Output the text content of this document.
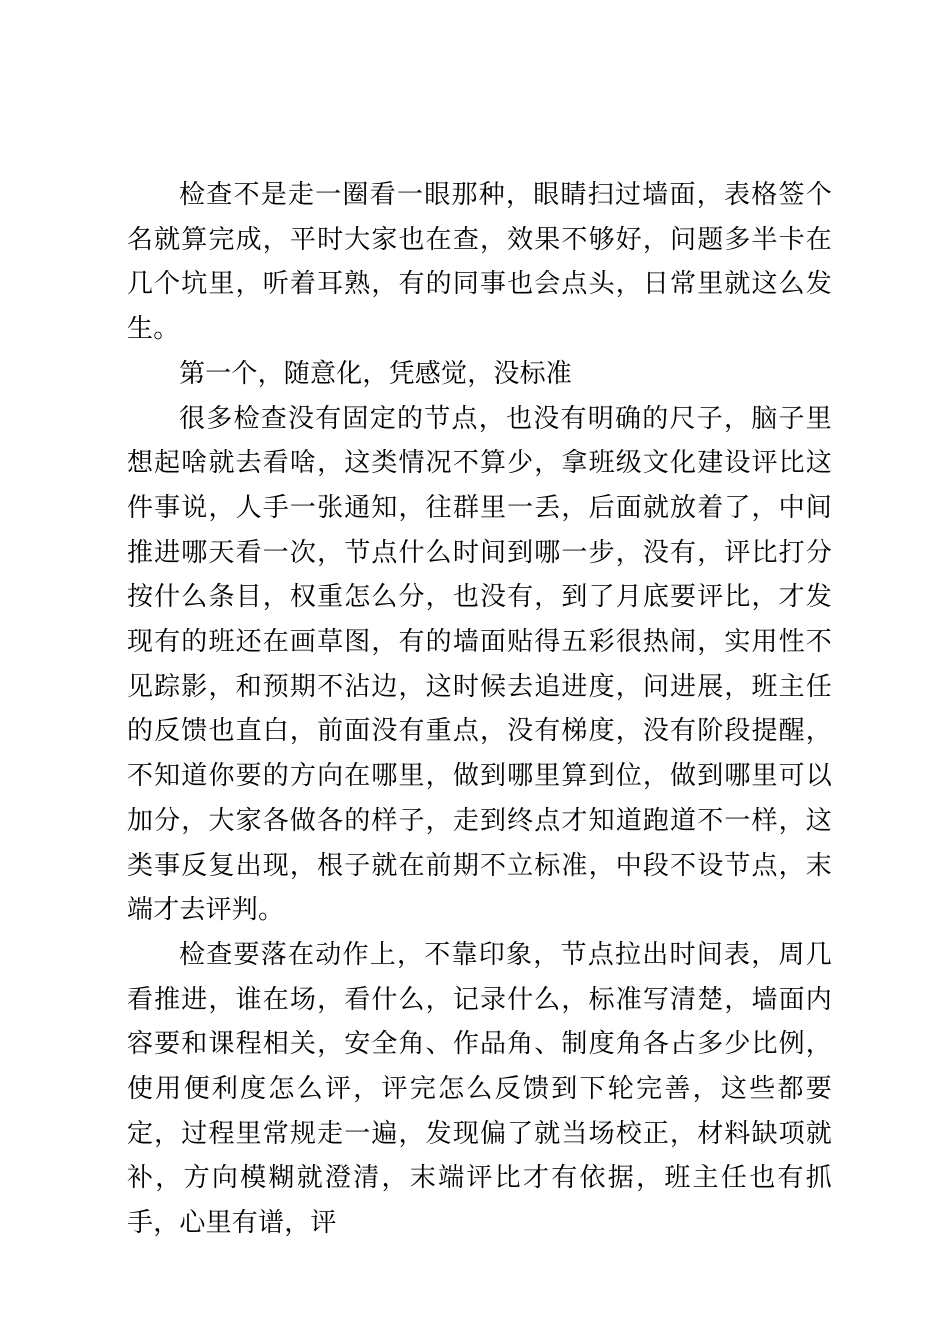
检查不是走一圈看一眼那种，眼睛扫过墙面，表格签个名就算完成，平时大家也在查，效果不够好，问题多半卡在几个坑里，听着耳熟，有的同事也会点头，日常里就这么发生。

第一个，随意化，凭感觉，没标准

很多检查没有固定的节点，也没有明确的尺子，脑子里想起啥就去看啥，这类情况不算少，拿班级文化建设评比这件事说，人手一张通知，往群里一丢，后面就放着了，中间推进哪天看一次，节点什么时间到哪一步，没有，评比打分按什么条目，权重怎么分，也没有，到了月底要评比，才发现有的班还在画草图，有的墙面贴得五彩很热闹，实用性不见踪影，和预期不沾边，这时候去追进度，问进展，班主任的反馈也直白，前面没有重点，没有梯度，没有阶段提醒，不知道你要的方向在哪里，做到哪里算到位，做到哪里可以加分，大家各做各的样子，走到终点才知道跑道不一样，这类事反复出现，根子就在前期不立标准，中段不设节点，末端才去评判。

检查要落在动作上，不靠印象，节点拉出时间表，周几看推进，谁在场，看什么，记录什么，标准写清楚，墙面内容要和课程相关，安全角、作品角、制度角各占多少比例，使用便利度怎么评，评完怎么反馈到下轮完善，这些都要定，过程里常规走一遍，发现偏了就当场校正，材料缺项就补，方向模糊就澄清，末端评比才有依据，班主任也有抓手，心里有谱，评
